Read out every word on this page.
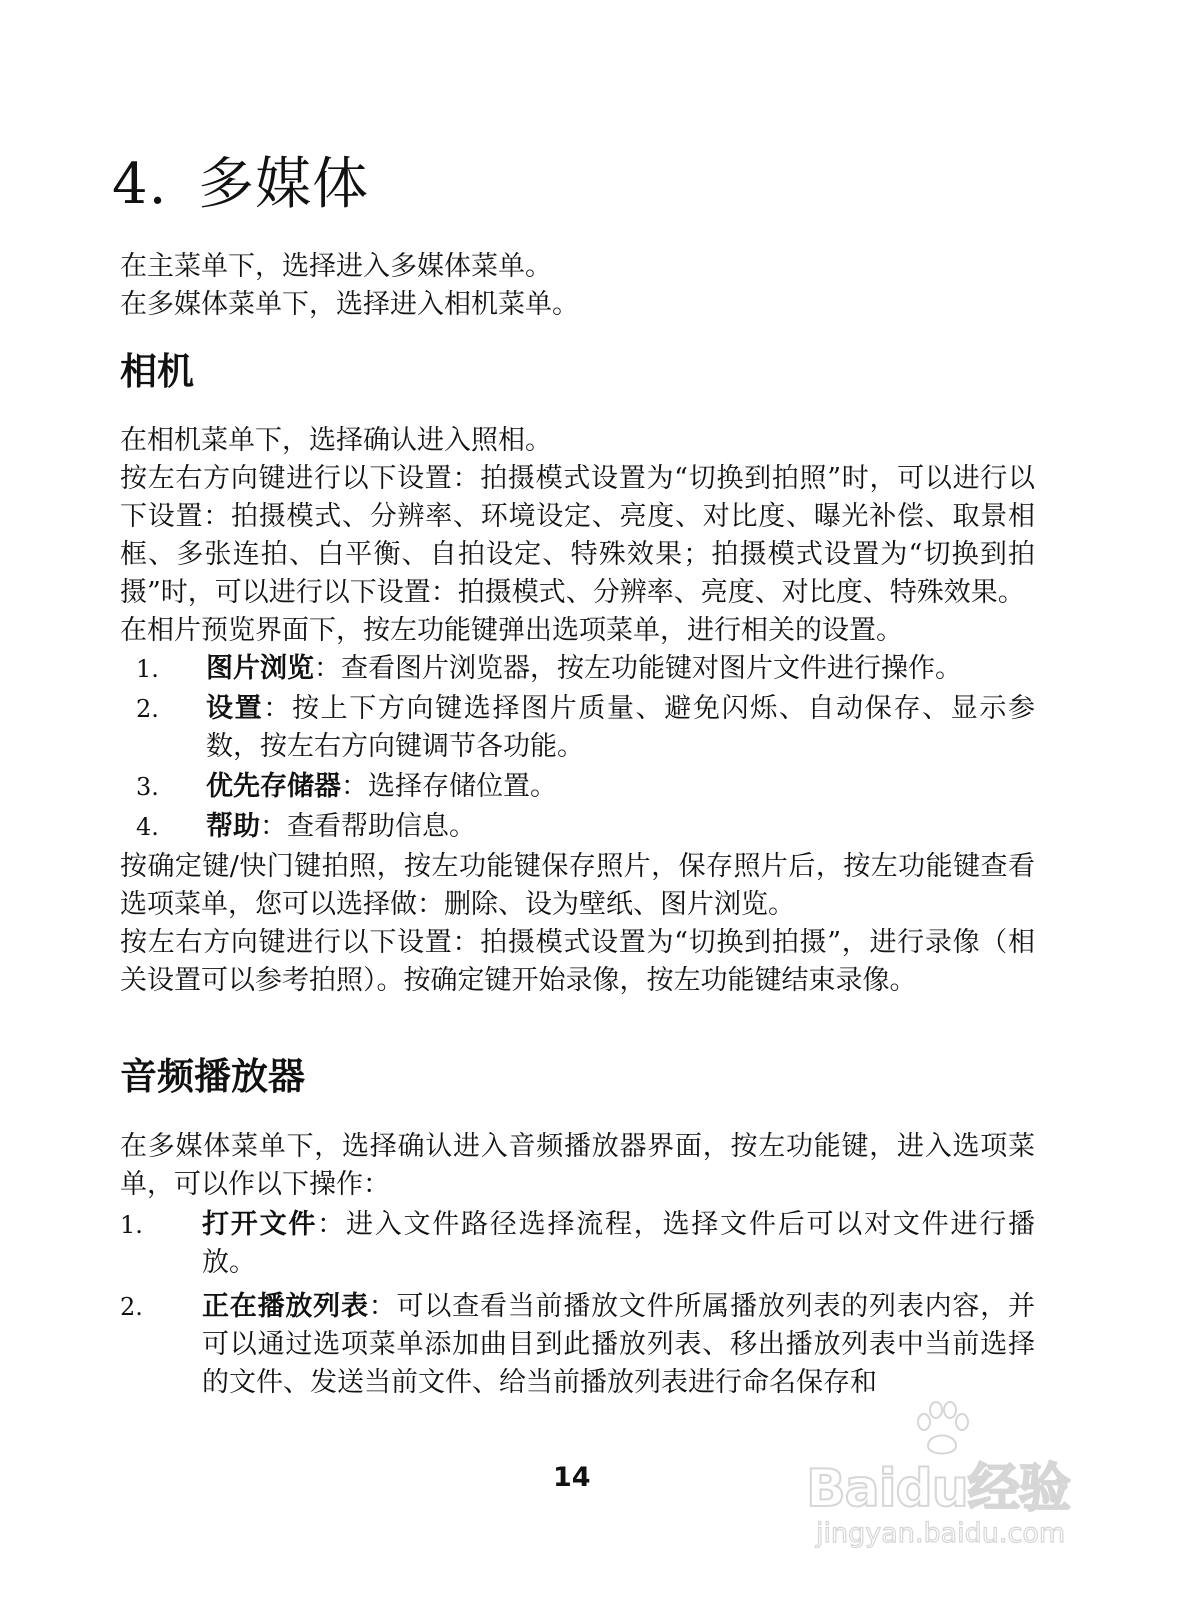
4. 多媒体

在主菜单下，选择进入多媒体菜单。

在多媒体菜单下，选择进入相机菜单。

相机

在相机菜单下，选择确认进入照相。

按左右方向键进行以下设置：拍摄模式设置为“切换到拍照”时，可以进行以下设置：拍摄模式、分辨率、环境设定、亮度、对比度、曝光补偿、取景相框、多张连拍、白平衡、自拍设定、特殊效果；拍摄模式设置为“切换到拍摄”时，可以进行以下设置：拍摄模式、分辨率、亮度、对比度、特殊效果。

在相片预览界面下，按左功能键弹出选项菜单，进行相关的设置。

1.	图片浏览：查看图片浏览器，按左功能键对图片文件进行操作。
2.	设置：按上下方向键选择图片质量、避免闪烁、自动保存、显示参数，按左右方向键调节各功能。
3.	优先存储器：选择存储位置。
4.	帮助：查看帮助信息。

按确定键/快门键拍照，按左功能键保存照片，保存照片后，按左功能键查看选项菜单，您可以选择做：删除、设为壁纸、图片浏览。

按左右方向键进行以下设置：拍摄模式设置为“切换到拍摄”，进行录像（相关设置可以参考拍照）。按确定键开始录像，按左功能键结束录像。

音频播放器

在多媒体菜单下，选择确认进入音频播放器界面，按左功能键，进入选项菜单，可以作以下操作：

1.	打开文件：进入文件路径选择流程，选择文件后可以对文件进行播放。
2.	正在播放列表：可以查看当前播放文件所属播放列表的列表内容，并可以通过选项菜单添加曲目到此播放列表、移出播放列表中当前选择的文件、发送当前文件、给当前播放列表进行命名保存和
14	Baidu经验
jingyan.baidu.com
